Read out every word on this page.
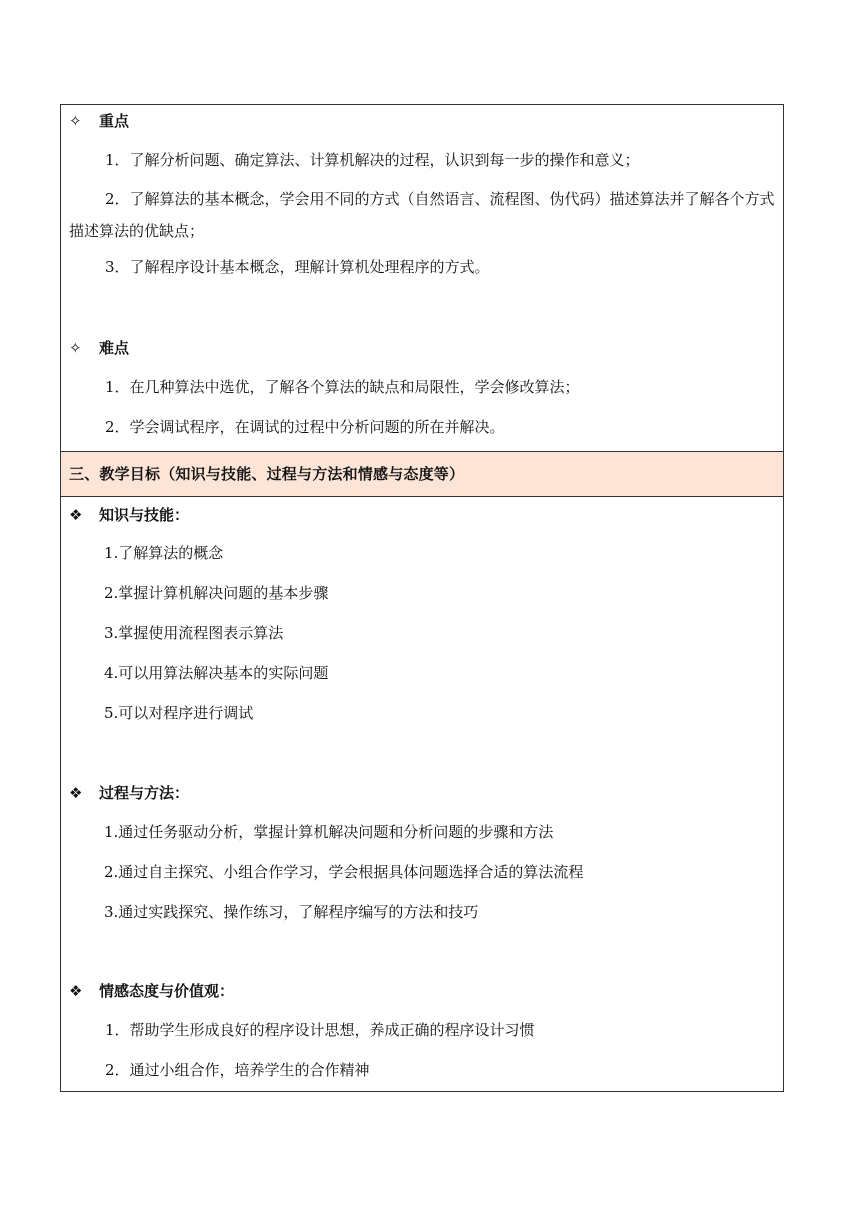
✧ 重点
1．了解分析问题、确定算法、计算机解决的过程，认识到每一步的操作和意义；
2．了解算法的基本概念，学会用不同的方式（自然语言、流程图、伪代码）描述算法并了解各个方式描述算法的优缺点；
3．了解程序设计基本概念，理解计算机处理程序的方式。
✧ 难点
1．在几种算法中选优，了解各个算法的缺点和局限性，学会修改算法；
2．学会调试程序，在调试的过程中分析问题的所在并解决。
三、教学目标（知识与技能、过程与方法和情感与态度等）
❖ 知识与技能：
1.了解算法的概念
2.掌握计算机解决问题的基本步骤
3.掌握使用流程图表示算法
4.可以用算法解决基本的实际问题
5.可以对程序进行调试
❖ 过程与方法：
1.通过任务驱动分析，掌握计算机解决问题和分析问题的步骤和方法
2.通过自主探究、小组合作学习，学会根据具体问题选择合适的算法流程
3.通过实践探究、操作练习，了解程序编写的方法和技巧
❖ 情感态度与价值观：
1．帮助学生形成良好的程序设计思想，养成正确的程序设计习惯
2．通过小组合作，培养学生的合作精神
